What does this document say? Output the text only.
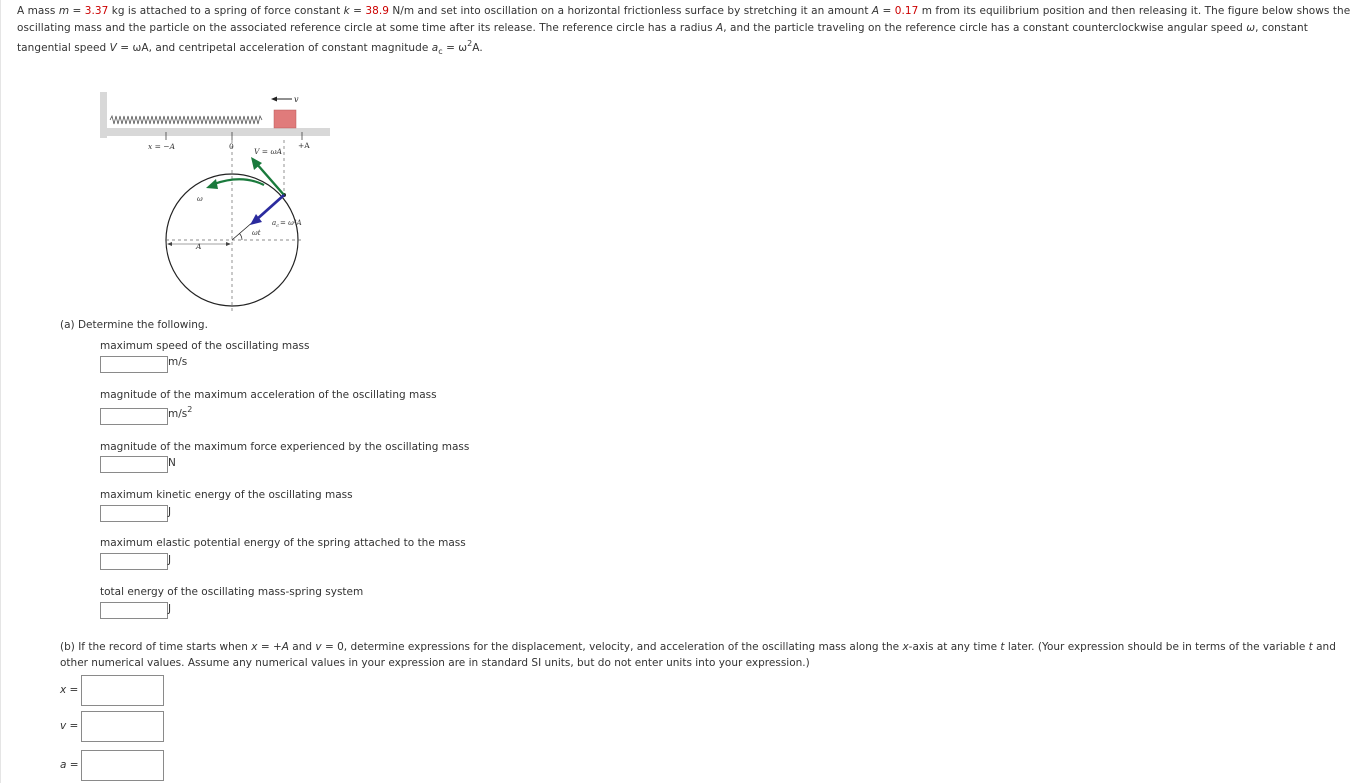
A mass m = 3.37 kg is attached to a spring of force constant k = 38.9 N/m and set into oscillation on a horizontal frictionless surface by stretching it an amount A = 0.17 m from its equilibrium position and then releasing it. The figure below shows the oscillating mass and the particle on the associated reference circle at some time after its release. The reference circle has a radius A, and the particle traveling on the reference circle has a constant counterclockwise angular speed ω, constant tangential speed V = ωA, and centripetal acceleration of constant magnitude $a_c = \omega^2A$.
v
x = −A	0	+A
V = ωA
A
ωt
$a_c= \omega^2A$
ω
(a) Determine the following.
maximum speed of the oscillating mass
m/s
magnitude of the maximum acceleration of the oscillating mass
$m/s^2$
magnitude of the maximum force experienced by the oscillating mass
N
maximum kinetic energy of the oscillating mass
J
maximum elastic potential energy of the spring attached to the mass
J
total energy of the oscillating mass-spring system
J
(b) If the record of time starts when x = +A and v = 0, determine expressions for the displacement, velocity, and acceleration of the oscillating mass along the x-axis at any time t later. (Your expression should be in terms of the variable t and other numerical values. Assume any numerical values in your expression are in standard SI units, but do not enter units into your expression.)
x =
v =
a =
